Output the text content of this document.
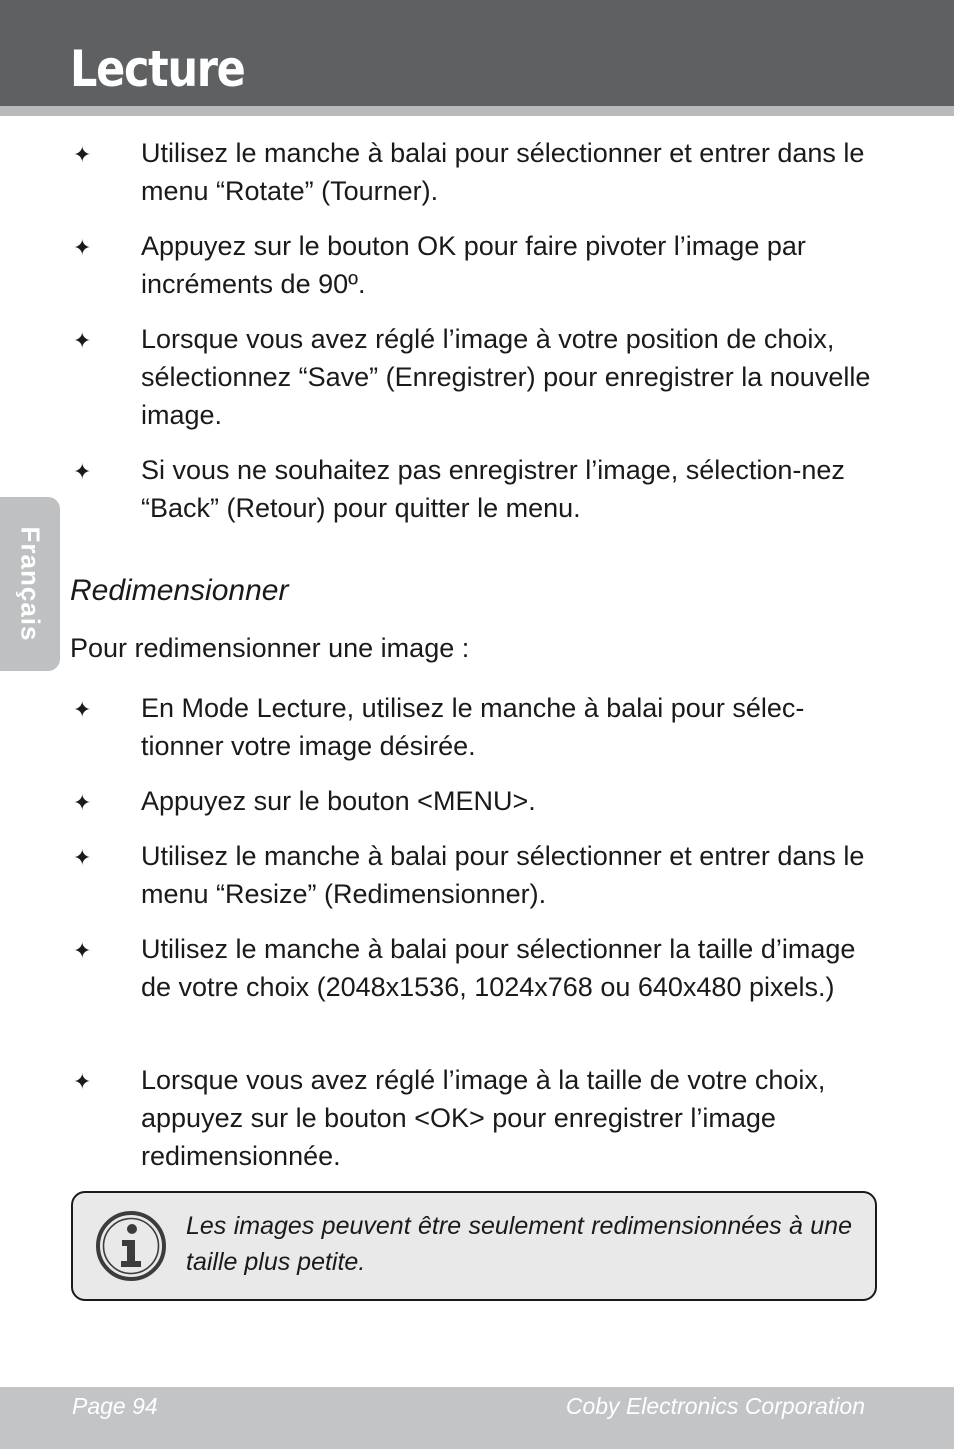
Lecture
Français
✦ Utilisez le manche à balai pour sélectionner et entrer dans le menu “Rotate” (Tourner).
✦ Appuyez sur le bouton OK pour faire pivoter l’image par incréments de 90º.
✦ Lorsque vous avez réglé l’image à votre position de choix, sélectionnez “Save” (Enregistrer) pour enregistrer la nouvelle image.
✦ Si vous ne souhaitez pas enregistrer l’image, sélection-nez “Back” (Retour) pour quitter le menu.
Redimensionner
Pour redimensionner une image :
✦ En Mode Lecture, utilisez le manche à balai pour sélec-tionner votre image désirée.
✦ Appuyez sur le bouton <MENU>.
✦ Utilisez le manche à balai pour sélectionner et entrer dans le menu “Resize” (Redimensionner).
✦ Utilisez le manche à balai pour sélectionner la taille d’image de votre choix (2048x1536, 1024x768 ou 640x480 pixels.)
✦ Lorsque vous avez réglé l’image à la taille de votre choix, appuyez sur le bouton <OK> pour enregistrer l’image redimensionnée.
Les images peuvent être seulement redimensionnées à une taille plus petite.
Page 94	Coby Electronics Corporation
